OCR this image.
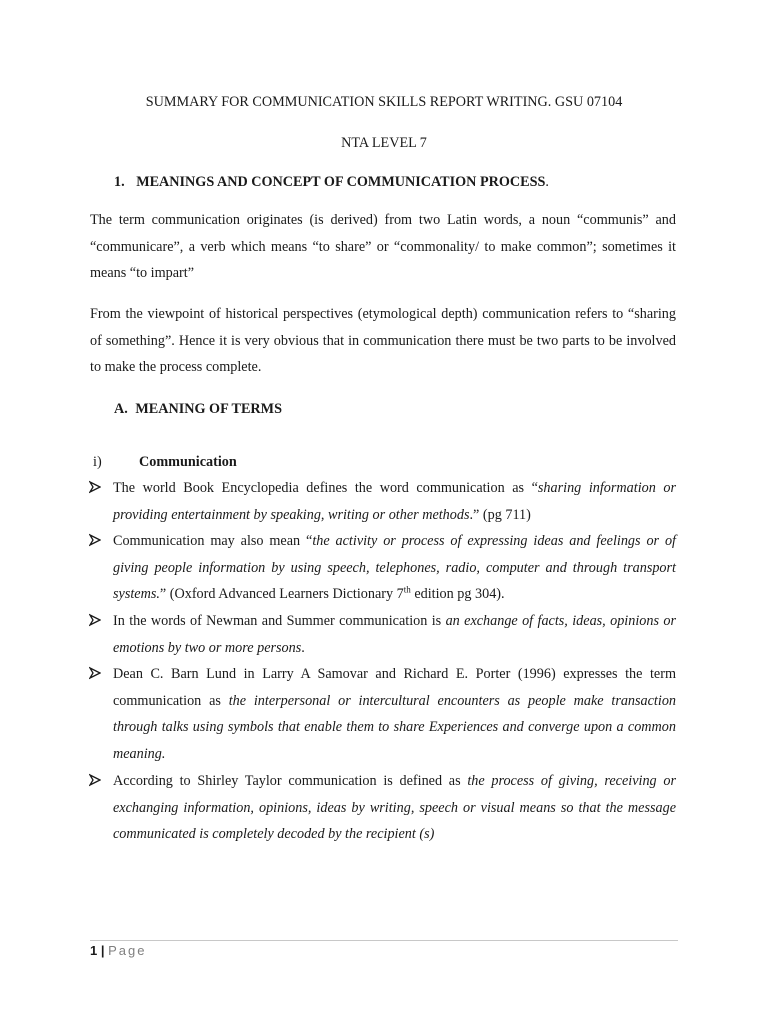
SUMMARY FOR COMMUNICATION SKILLS REPORT WRITING. GSU 07104
NTA LEVEL 7
1. MEANINGS AND CONCEPT OF COMMUNICATION PROCESS.
The term communication originates (is derived) from two Latin words, a noun “communis” and “communicare”, a verb which means “to share” or “commonality/ to make common”; sometimes it means “to impart”
From the viewpoint of historical perspectives (etymological depth) communication refers to “sharing of something”. Hence it is very obvious that in communication there must be two parts to be involved to make the process complete.
A. MEANING OF TERMS
i)	Communication
The world Book Encyclopedia defines the word communication as “sharing information or providing entertainment by speaking, writing or other methods.” (pg 711)
Communication may also mean “the activity or process of expressing ideas and feelings or of giving people information by using speech, telephones, radio, computer and through transport systems.” (Oxford Advanced Learners Dictionary 7th edition pg 304).
In the words of Newman and Summer communication is an exchange of facts, ideas, opinions or emotions by two or more persons.
Dean C. Barn Lund in Larry A Samovar and Richard E. Porter (1996) expresses the term communication as the interpersonal or intercultural encounters as people make transaction through talks using symbols that enable them to share Experiences and converge upon a common meaning.
According to Shirley Taylor communication is defined as the process of giving, receiving or exchanging information, opinions, ideas by writing, speech or visual means so that the message communicated is completely decoded by the recipient (s)
1 | Page
